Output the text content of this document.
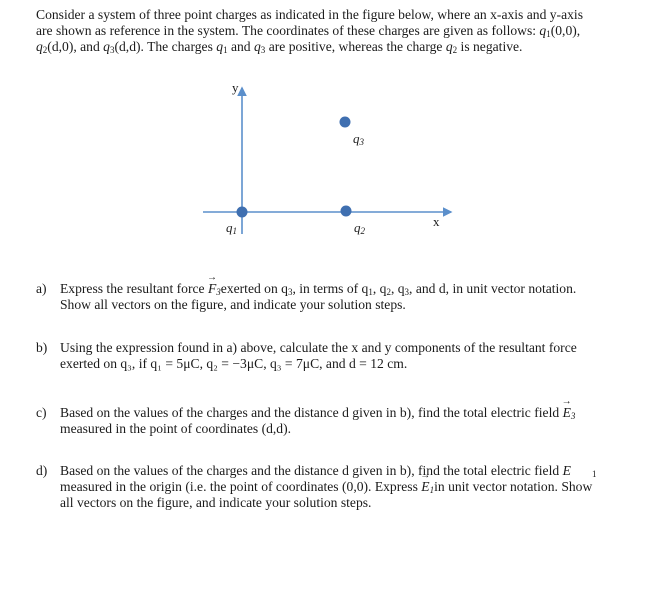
Consider a system of three point charges as indicated in the figure below, where an x-axis and y-axis

are shown as reference in the system. The coordinates of these charges are given as follows: $q_1(0,0)$,

$q_2(d,0)$, and $q_3(d,d)$. The charges $q_1$ and $q_3$ are positive, whereas the charge $q_2$ is negative.

y
x
q1	q2
q3
a) Express the resultant force → $F_3exerted$ on $q_3$, in terms of $q_1$, $q_2$, $q_3$, and d, in unit vector notation.
Show all vectors on the figure, and indicate your solution steps.
b) Using the expression found in a) above, calculate the x and y components of the resultant force
exerted on q₃, if q₁ = 5μC, q₂ = −3μC, q₃ = 7μC, and d = 12 cm.
c) Based on the values of the charges and the distance d given in b), find the total electric field → $E_3$
measured in the point of coordinates (d,d).
d) Based on the values of the charges and the distance d given in b), find the total electric field $E⃗⃗_1$
measured in the origin (i.e. the point of coordinates (0,0). Express → $E_1in$ unit vector notation. Show
all vectors on the figure, and indicate your solution steps.
